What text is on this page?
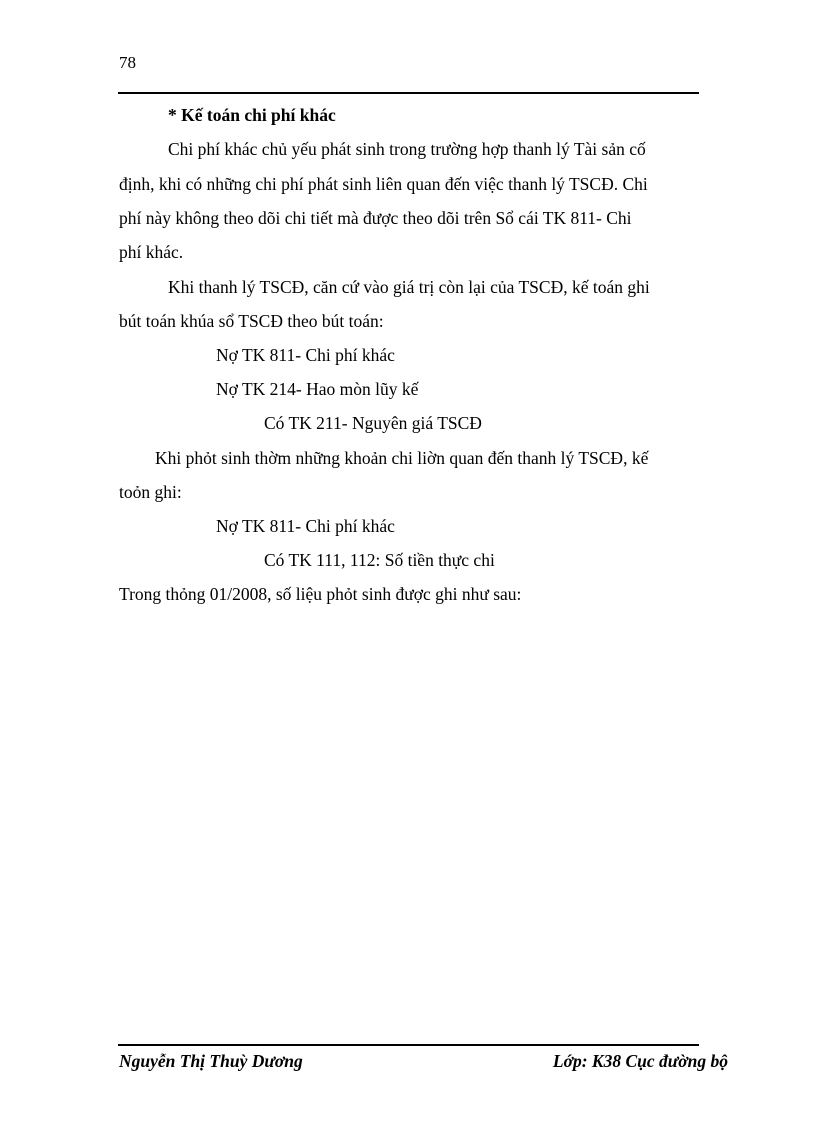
78
* Kế toán chi phí khác
Chi phí khác chủ yếu phát sinh trong trường hợp thanh lý Tài sản cố
định, khi có những chi phí phát sinh liên quan đến việc thanh lý TSCĐ. Chi
phí này không theo dõi chi tiết mà được theo dõi trên Sổ cái TK 811- Chi
phí khác.
Khi thanh lý TSCĐ, căn cứ vào giá trị còn lại của TSCĐ, kế toán ghi
bút toán khúa sổ TSCĐ theo bút toán:
Nợ TK 811- Chi phí khác
Nợ TK 214- Hao mòn lũy kế
Có TK 211- Nguyên giá TSCĐ
Khi phỏt sinh thờm những khoản chi liờn quan đến thanh lý TSCĐ, kế
toỏn ghi:
Nợ TK 811- Chi phí khác
Có TK 111, 112: Số tiền thực chi
Trong thỏng 01/2008, số liệu phỏt sinh được ghi như sau:
Nguyễn Thị Thuỳ Dương	Lớp: K38 Cục đường bộ
